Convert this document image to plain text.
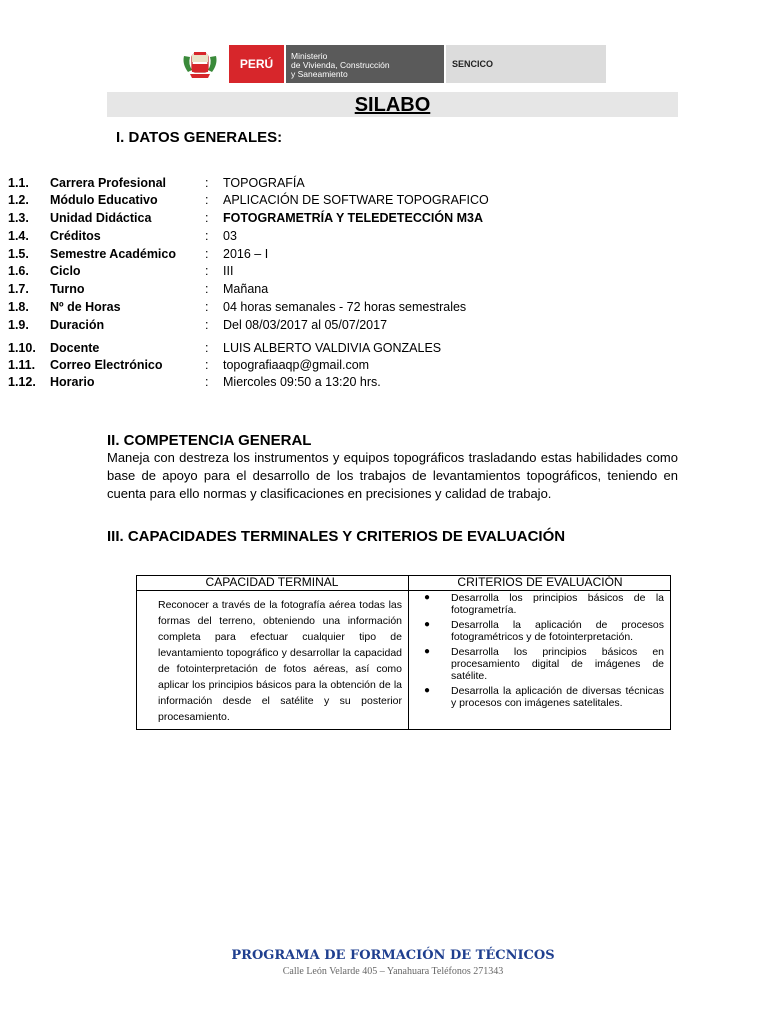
PERÚ
Ministerio
de Vivienda, Construcción
y Saneamiento
SENCICO
SILABO
I. DATOS GENERALES:
1.1. Carrera Profesional	: TOPOGRAFÍA
1.2. Módulo Educativo	: APLICACIÓN DE SOFTWARE TOPOGRAFICO
1.3. Unidad Didáctica	: FOTOGRAMETRÍA Y TELEDETECCIÓN M3A
1.4. Créditos	: 03
1.5. Semestre Académico : 2016 – I
1.6. Ciclo	: III
1.7. Turno	: Mañana
1.8. Nº de Horas	: 04 horas semanales - 72 horas semestrales
1.9. Duración	: Del 08/03/2017 al 05/07/2017
1.10. Docente	: LUIS ALBERTO VALDIVIA GONZALES
1.11. Correo Electrónico	: topografiaaqp@gmail.com
1.12. Horario	: Miercoles 09:50 a 13:20 hrs.
II. COMPETENCIA GENERAL
Maneja con destreza los instrumentos y equipos topográficos trasladando estas habilidades como base de apoyo para el desarrollo de los trabajos de levantamientos topográficos, teniendo en cuenta para ello normas y clasificaciones en precisiones y calidad de trabajo.
III. CAPACIDADES TERMINALES Y CRITERIOS DE EVALUACIÓN
CAPACIDAD TERMINAL	CRITERIOS DE EVALUACIÓN
Reconocer a través de la fotografía aérea todas las formas del terreno, obteniendo una información completa para efectuar cualquier tipo de levantamiento topográfico y desarrollar la capacidad de fotointerpretación de fotos aéreas, así como aplicar los principios básicos para la obtención de la información desde el satélite y su posterior procesamiento.
● Desarrolla los principios básicos de la fotogrametría.
● Desarrolla la aplicación de procesos fotogramétricos y de fotointerpretación.
● Desarrolla los principios básicos en procesamiento digital de imágenes de satélite.
● Desarrolla la aplicación de diversas técnicas y procesos con imágenes satelitales.
PROGRAMA DE FORMACIÓN DE TÉCNICOS
Calle León Velarde 405 – Yanahuara Teléfonos 271343
